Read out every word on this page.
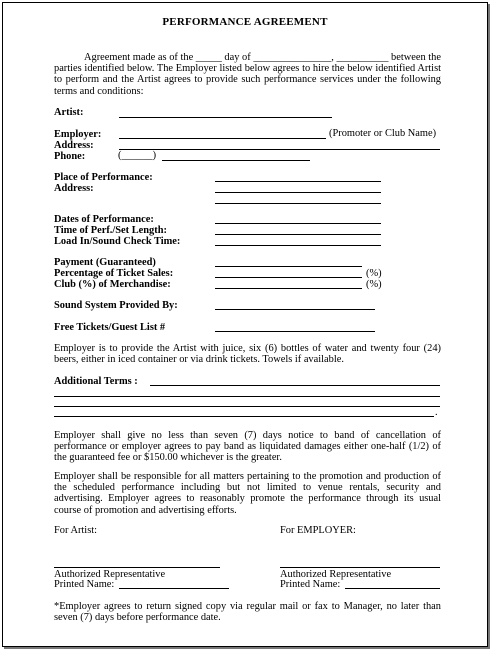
PERFORMANCE AGREEMENT
Agreement made as of the _____ day of _______________, __________ between the parties identified below. The Employer listed below agrees to hire the below identified Artist to perform and the Artist agrees to provide such performance services under the following terms and conditions:
Artist:
Employer:	(Promoter or Club Name)
Address:
Phone:	(______)
Place of Performance:
Address:
Dates of Performance:
Time of Perf./Set Length:
Load In/Sound Check Time:
Payment (Guaranteed)
Percentage of Ticket Sales:	(%)
Club (%) of Merchandise:	(%)
Sound System Provided By:
Free Tickets/Guest List #
Employer is to provide the Artist with juice, six (6) bottles of water and twenty four (24) beers, either in iced container or via drink tickets. Towels if available.
Additional Terms :
.
Employer shall give no less than seven (7) days notice to band of cancellation of performance or employer agrees to pay band as liquidated damages either one-half (1/2) of the guaranteed fee or $150.00 whichever is the greater.
Employer shall be responsible for all matters pertaining to the promotion and production of the scheduled performance including but not limited to venue rentals, security and advertising. Employer agrees to reasonably promote the performance through its usual course of promotion and advertising efforts.
For Artist:	For EMPLOYER:
Authorized Representative	Authorized Representative
Printed Name:	Printed Name:
*Employer agrees to return signed copy via regular mail or fax to Manager, no later than seven (7) days before performance date.
